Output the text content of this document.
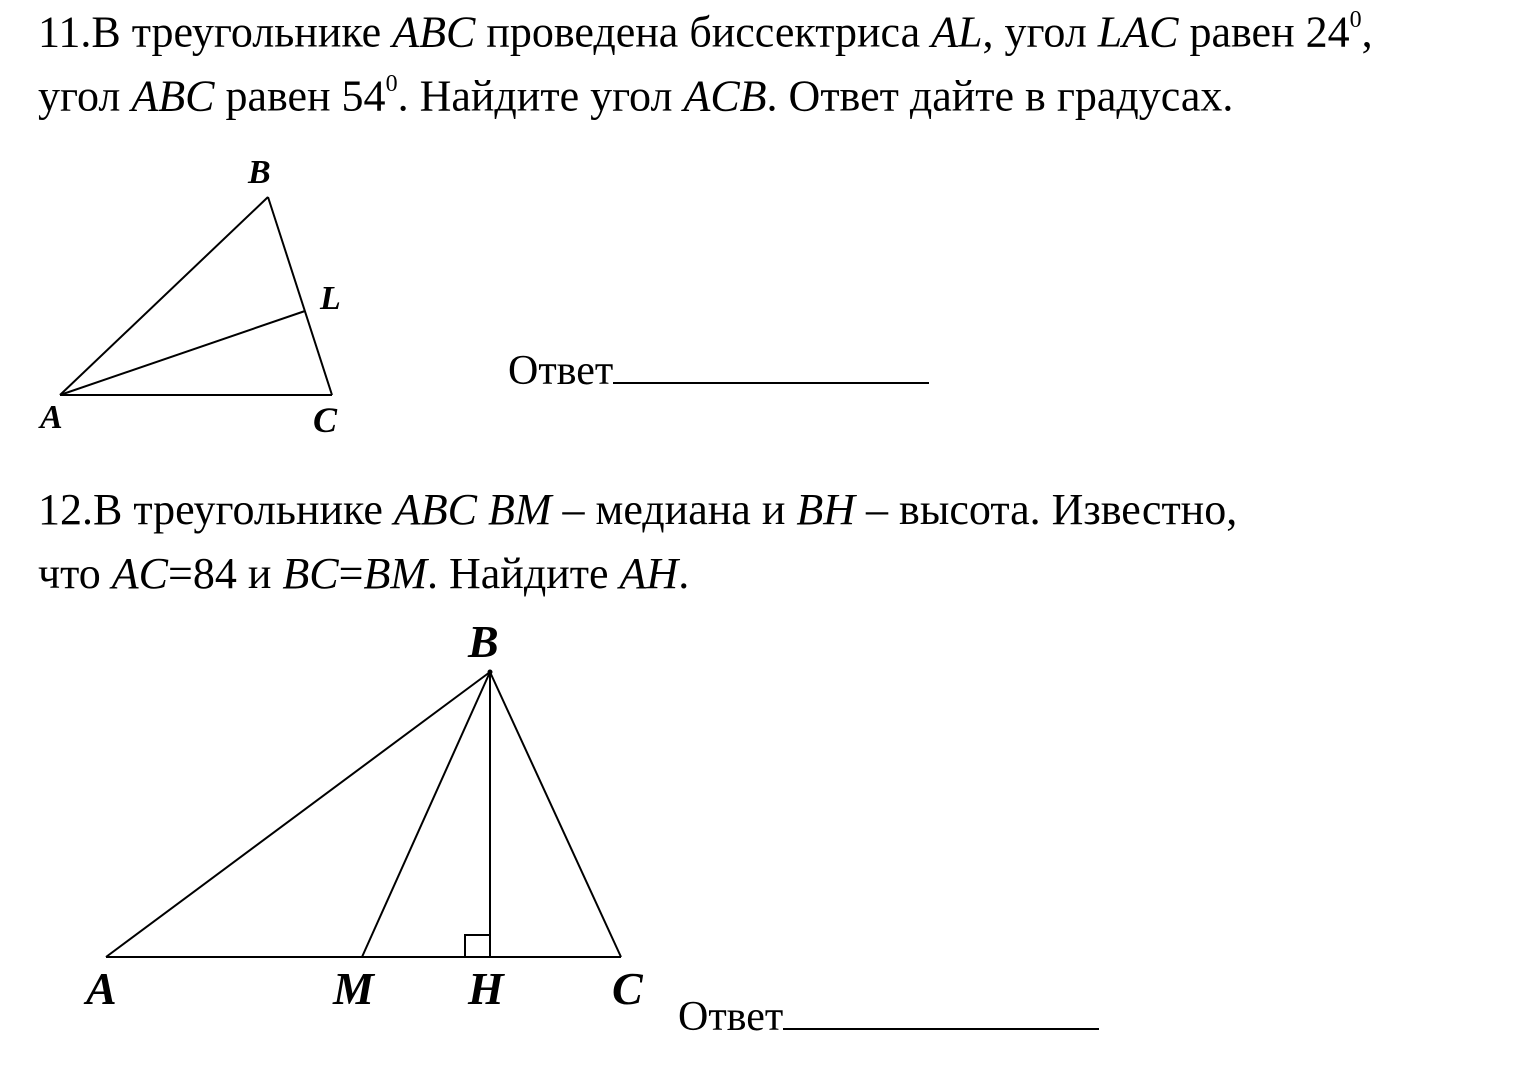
11.В треугольнике ABC проведена биссектриса AL, угол LAC равен $24^0$,
угол ABC равен $54^0$. Найдите угол ACB. Ответ дайте в градусах.
B
L
A	C
B
A	M H C
Ответ
12.В треугольнике ABC BM – медиана и BH – высота. Известно,
что AC=84 и BC=BM. Найдите AH.
Ответ
